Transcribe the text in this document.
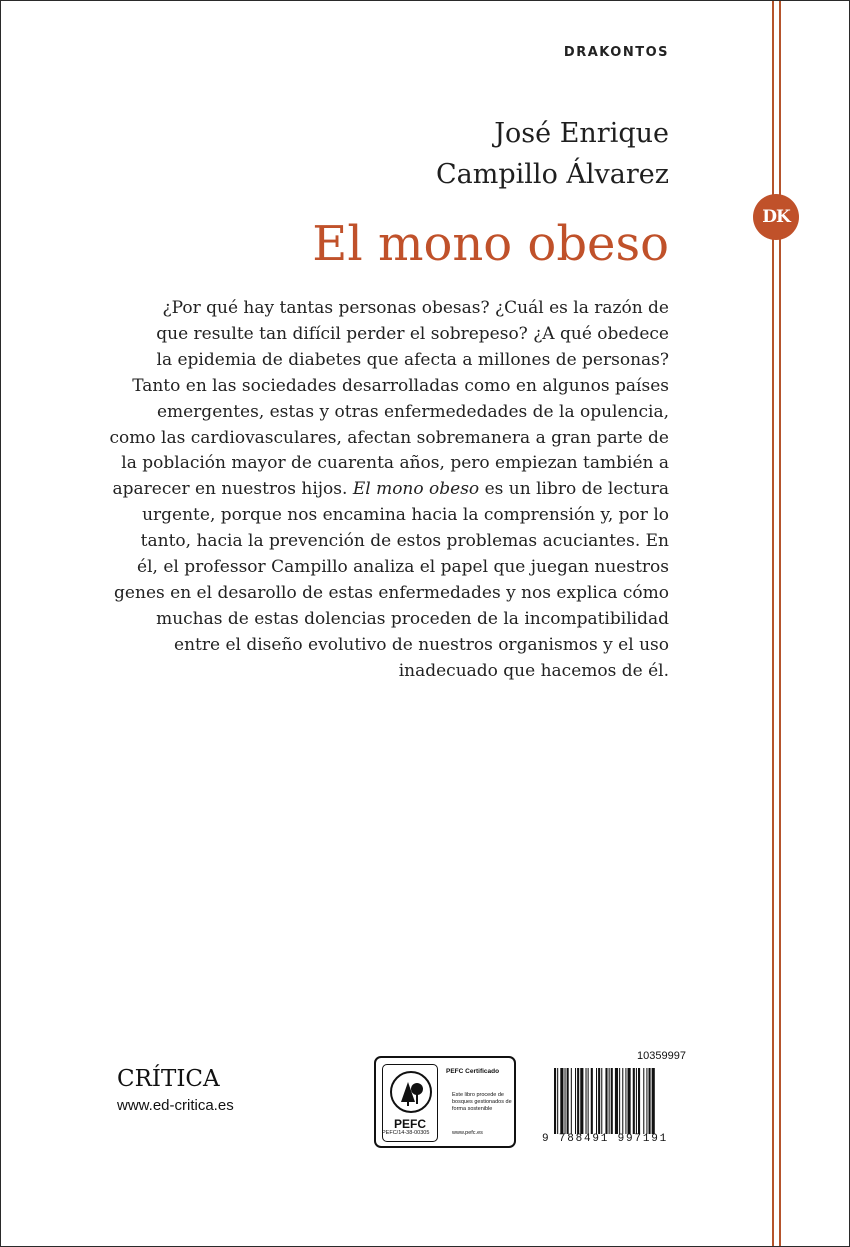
DK
DRAKONTOS
José Enrique
Campillo Álvarez
El mono obeso
¿Por qué hay tantas personas obesas? ¿Cuál es la razón de
que resulte tan difícil perder el sobrepeso? ¿A qué obedece
la epidemia de diabetes que afecta a millones de personas?
Tanto en las sociedades desarrolladas como en algunos países
emergentes, estas y otras enfermededades de la opulencia,
como las cardiovasculares, afectan sobremanera a gran parte de
la población mayor de cuarenta años, pero empiezan también a
aparecer en nuestros hijos. El mono obeso es un libro de lectura
urgente, porque nos encamina hacia la comprensión y, por lo
tanto, hacia la prevención de estos problemas acuciantes. En
él, el professor Campillo analiza el papel que juegan nuestros
genes en el desarollo de estas enfermedades y nos explica cómo
muchas de estas dolencias proceden de la incompatibilidad
entre el diseño evolutivo de nuestros organismos y el uso
inadecuado que hacemos de él.
CRÍTICA
www.ed-critica.es
PEFC
PEFC/14-38-00305
PEFC Certificado
Este libro procede de bosques gestionados de forma sostenible
www.pefc.es
10359997
9 788491 997191
